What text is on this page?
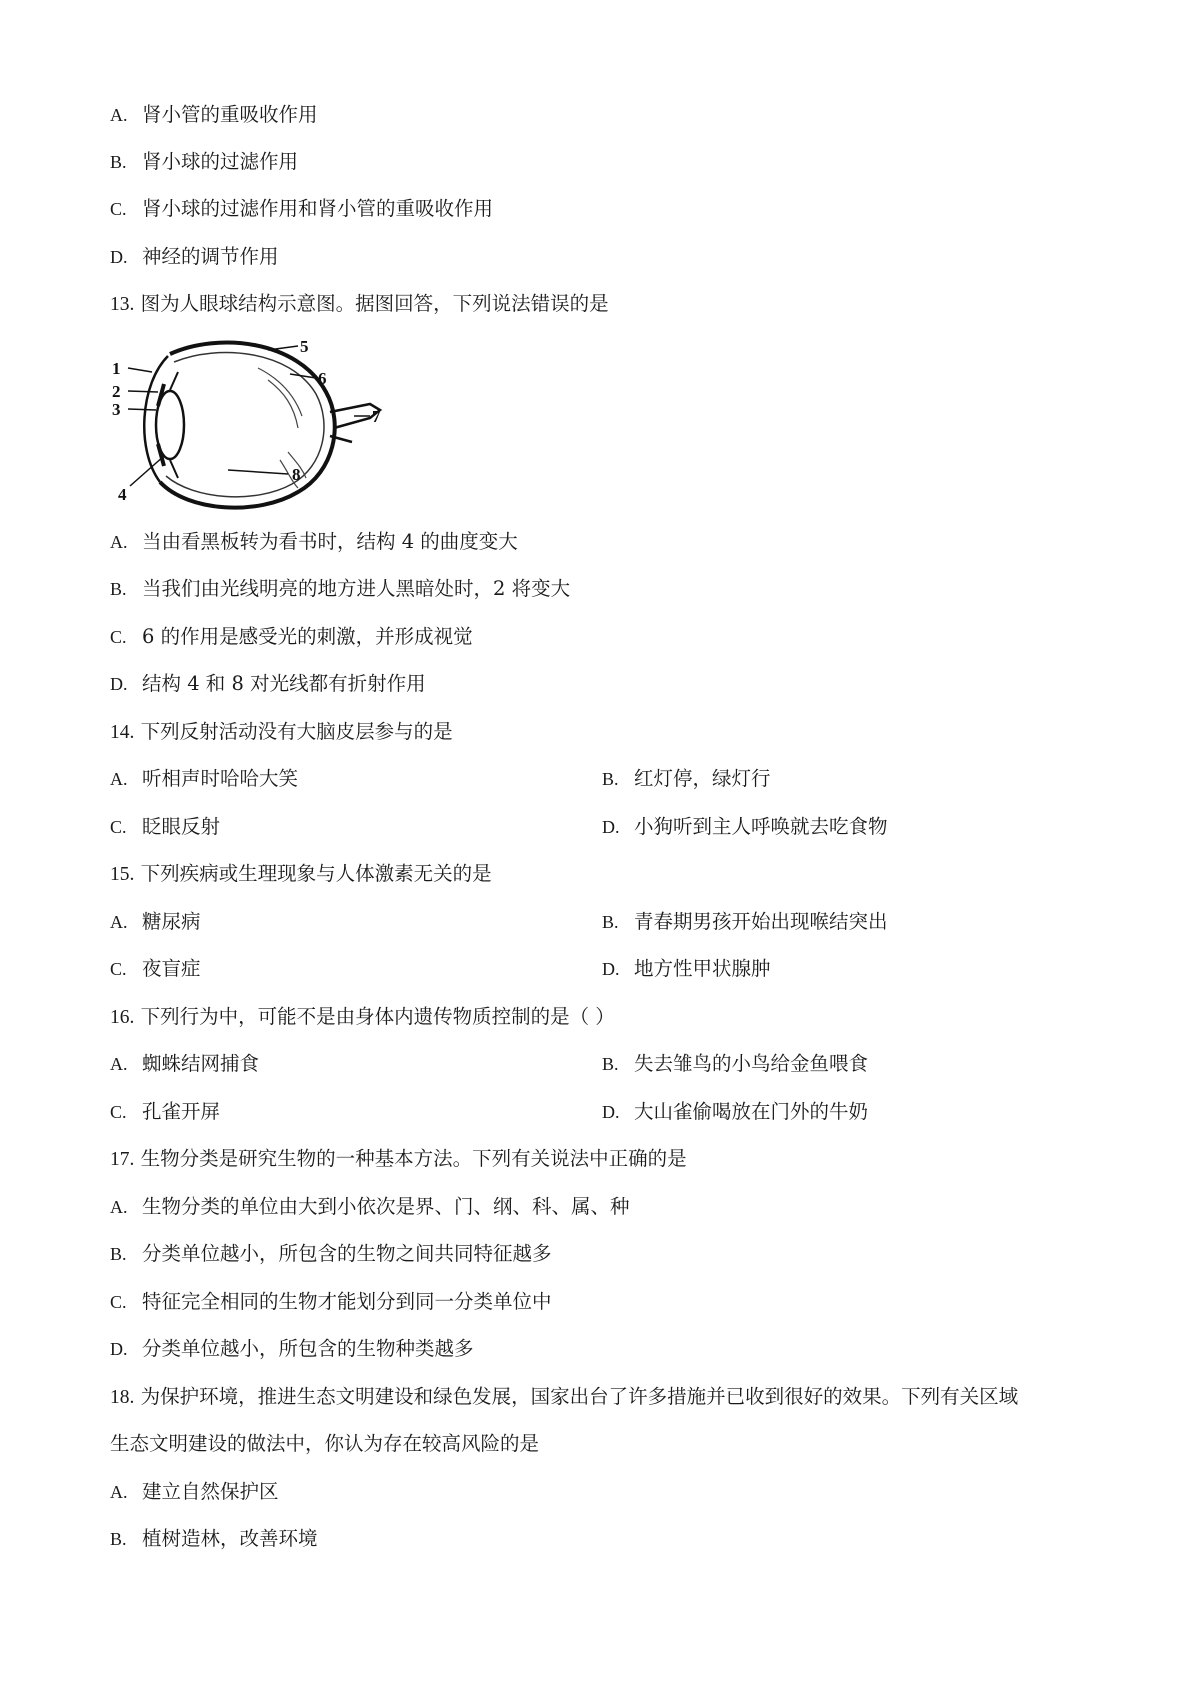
A. 肾小管的重吸收作用
B. 肾小球的过滤作用
C. 肾小球的过滤作用和肾小管的重吸收作用
D. 神经的调节作用
13. 图为人眼球结构示意图。据图回答，下列说法错误的是
1
2
3
4
5
6
7
8
A. 当由看黑板转为看书时，结构 4 的曲度变大
B. 当我们由光线明亮的地方进人黑暗处时，2 将变大
C. 6 的作用是感受光的刺激，并形成视觉
D. 结构 4 和 8 对光线都有折射作用
14. 下列反射活动没有大脑皮层参与的是
A. 听相声时哈哈大笑	B. 红灯停，绿灯行
C. 眨眼反射	D. 小狗听到主人呼唤就去吃食物
15. 下列疾病或生理现象与人体激素无关的是
A. 糖尿病	B. 青春期男孩开始出现喉结突出
C. 夜盲症	D. 地方性甲状腺肿
16. 下列行为中，可能不是由身体内遗传物质控制的是（ ）
A. 蜘蛛结网捕食	B. 失去雏鸟的小鸟给金鱼喂食
C. 孔雀开屏	D. 大山雀偷喝放在门外的牛奶
17. 生物分类是研究生物的一种基本方法。下列有关说法中正确的是
A. 生物分类的单位由大到小依次是界、门、纲、科、属、种
B. 分类单位越小，所包含的生物之间共同特征越多
C. 特征完全相同的生物才能划分到同一分类单位中
D. 分类单位越小，所包含的生物种类越多
18. 为保护环境，推进生态文明建设和绿色发展，国家出台了许多措施并已收到很好的效果。下列有关区域
生态文明建设的做法中，你认为存在较高风险的是
A. 建立自然保护区
B. 植树造林，改善环境
